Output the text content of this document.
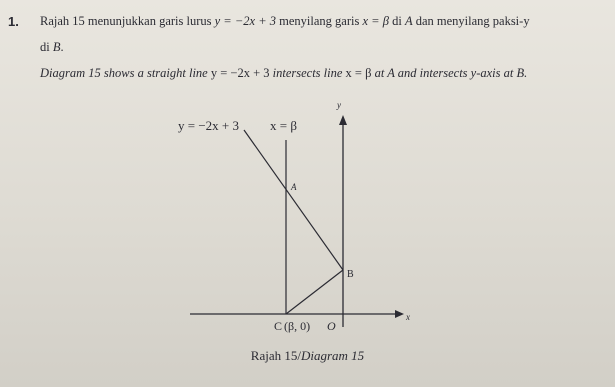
1. Rajah 15 menunjukkan garis lurus y = −2x + 3 menyilang garis x = β di A dan menyilang paksi-y
di B.
Diagram 15 shows a straight line y = −2x + 3 intersects line x = β at A and intersects y-axis at B.
y = −2x + 3 x = β
y
x
A
B
C (β, 0) O
Rajah 15/Diagram 15
